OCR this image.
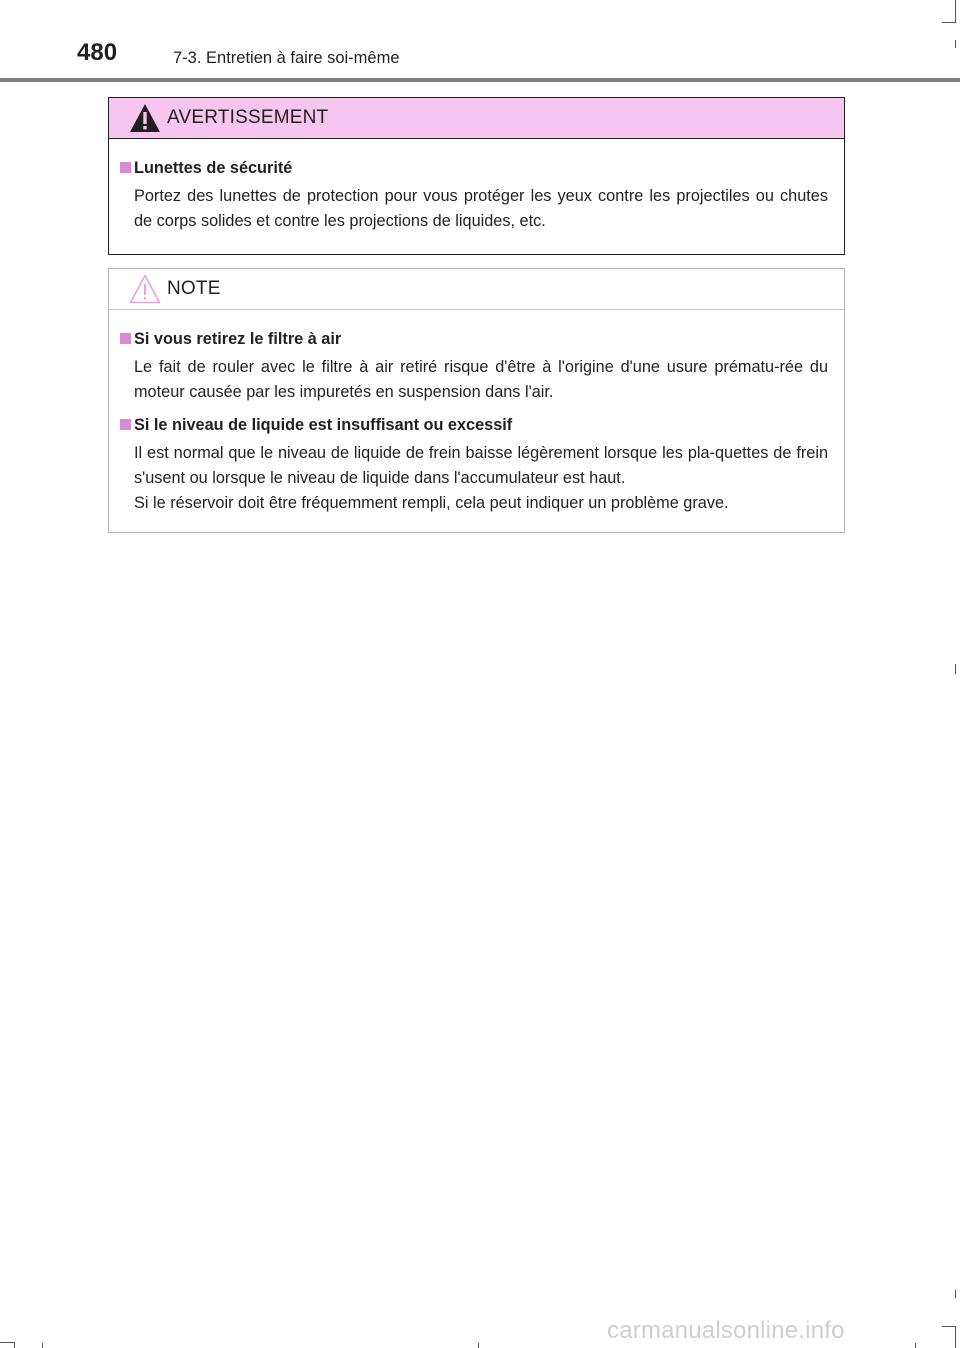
480	7-3. Entretien à faire soi-même
AVERTISSEMENT
Lunettes de sécurité

Portez des lunettes de protection pour vous protéger les yeux contre les projectiles ou chutes de corps solides et contre les projections de liquides, etc.

NOTE
Si vous retirez le filtre à air

Le fait de rouler avec le filtre à air retiré risque d'être à l'origine d'une usure prématu-rée du moteur causée par les impuretés en suspension dans l'air.

Si le niveau de liquide est insuffisant ou excessif

Il est normal que le niveau de liquide de frein baisse légèrement lorsque les pla-quettes de frein s'usent ou lorsque le niveau de liquide dans l'accumulateur est haut.

Si le réservoir doit être fréquemment rempli, cela peut indiquer un problème grave.

carmanualsonline.info
